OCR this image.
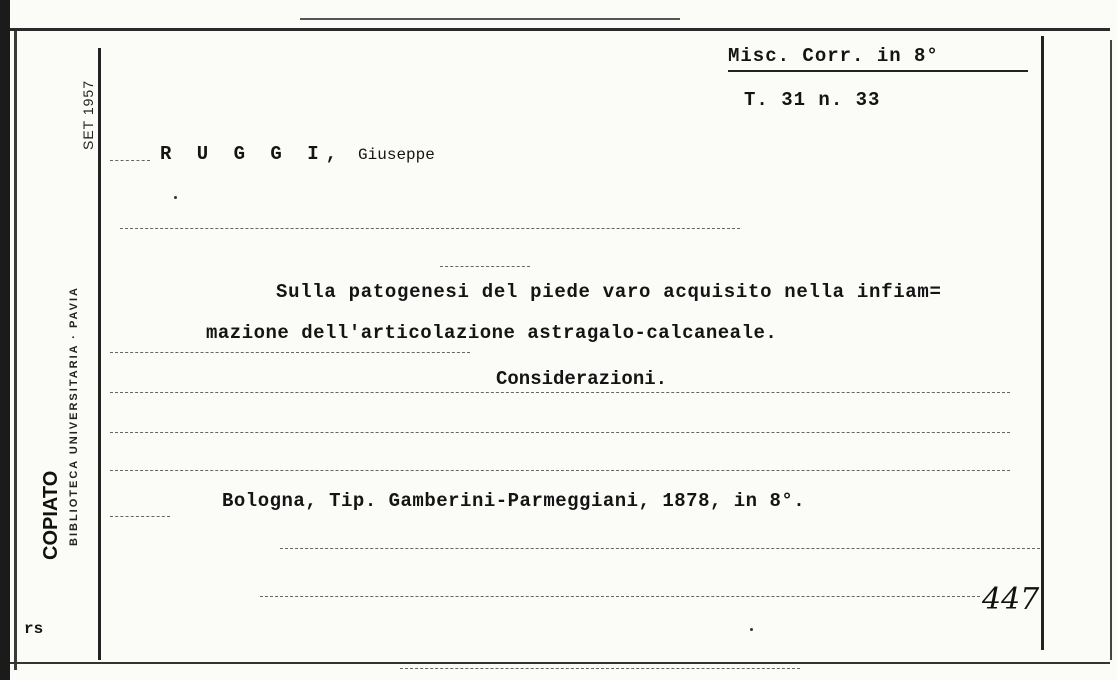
BIBLIOTECA UNIVERSITARIA · PAVIA
SET 1957
COPIATO
rs
Misc. Corr. in 8°
T. 31 n. 33
R U G G I, Giuseppe
Sulla patogenesi del piede varo acquisito nella infiam=
mazione dell'articolazione astragalo-calcaneale.
Considerazioni.
Bologna, Tip. Gamberini-Parmeggiani, 1878, in 8°.
447
